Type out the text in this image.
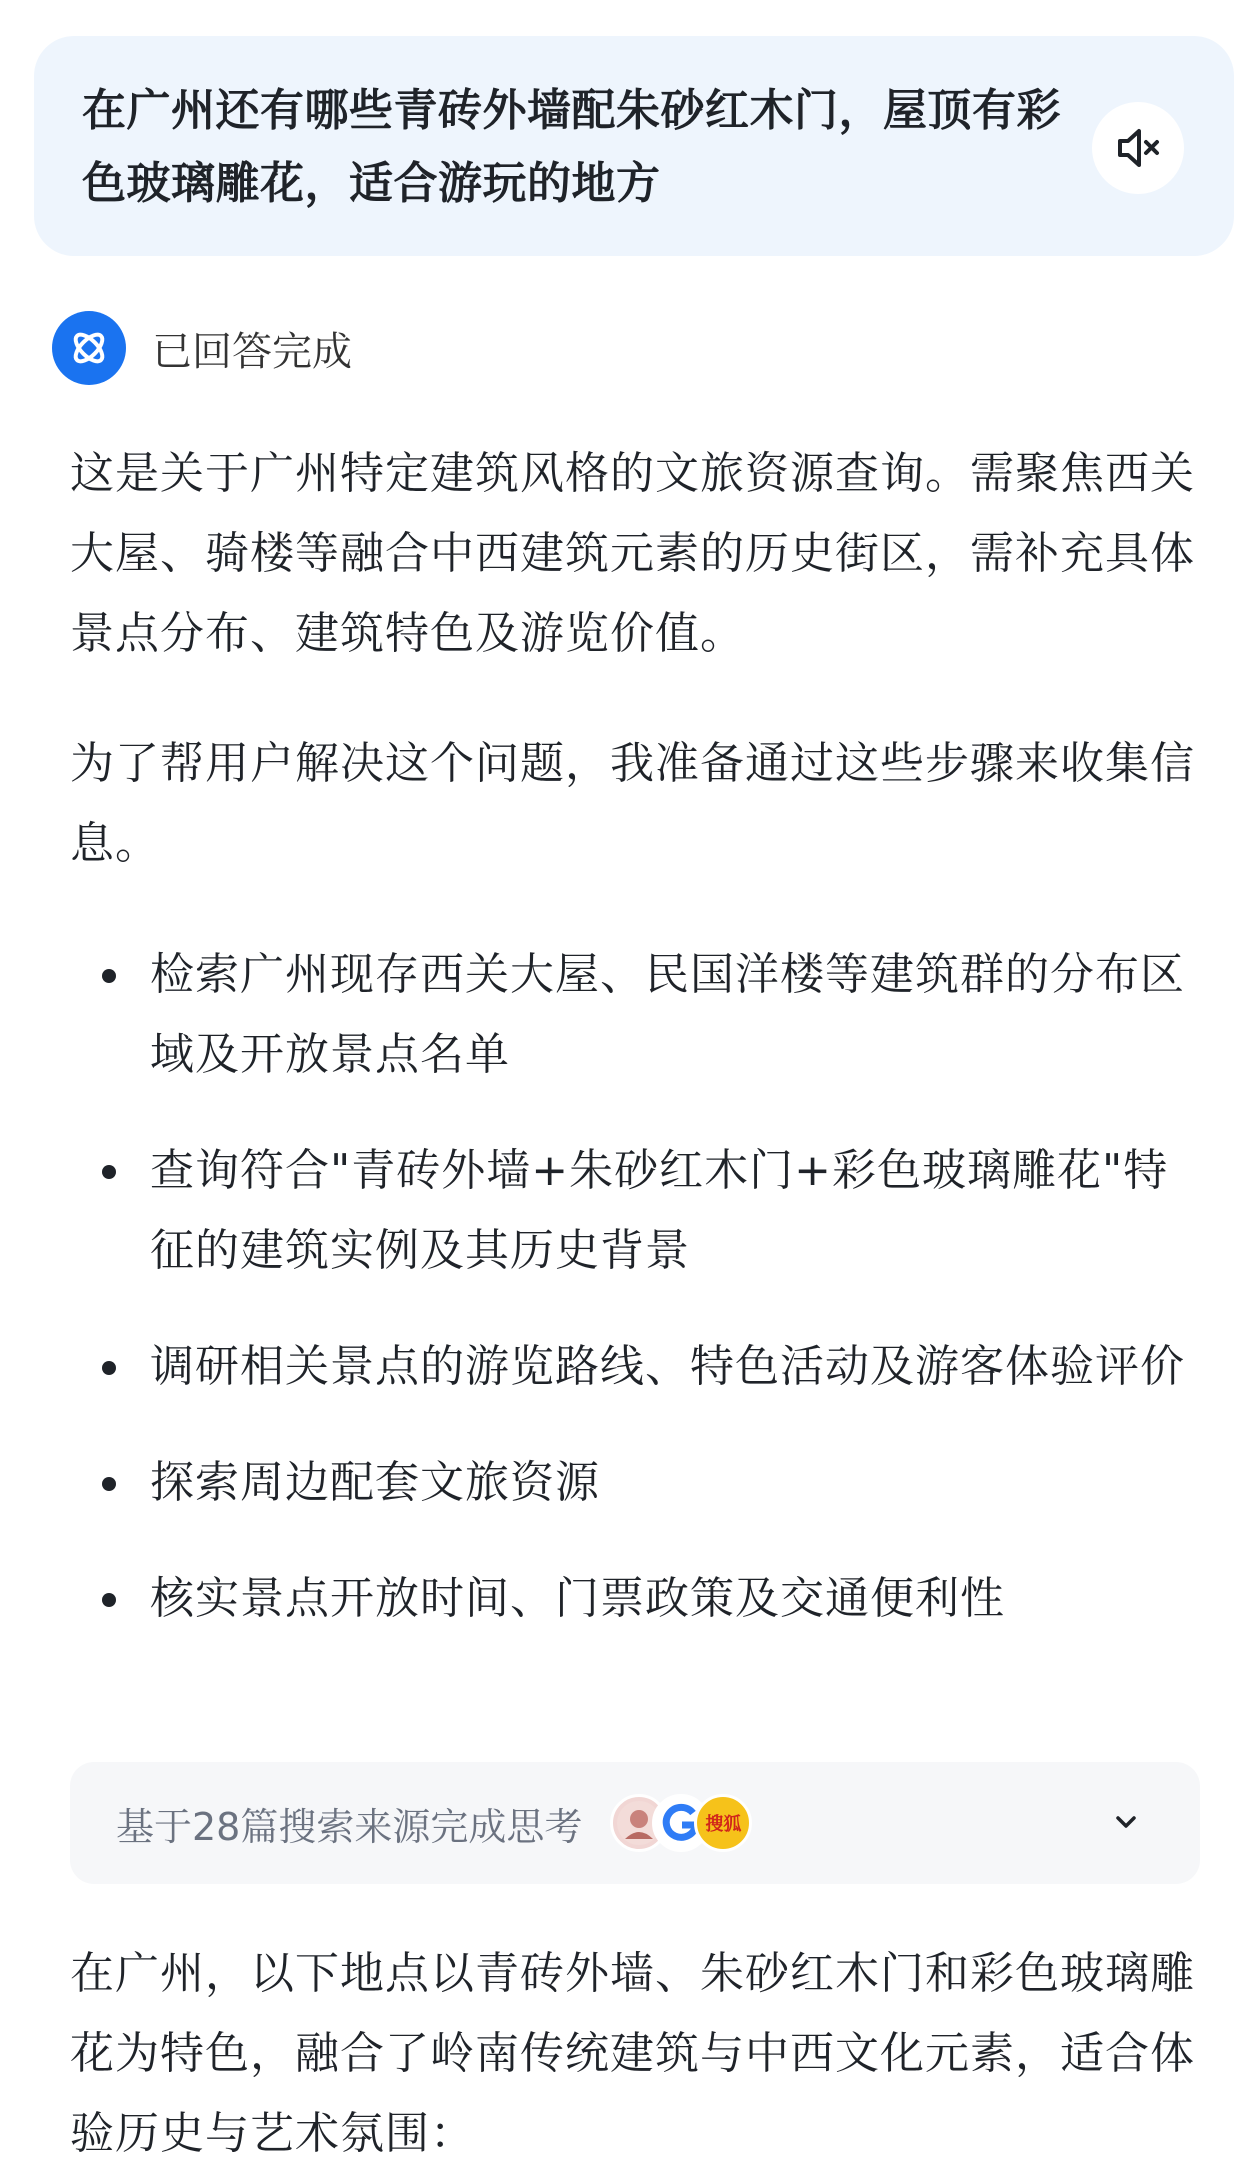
在广州还有哪些青砖外墙配朱砂红木门，屋顶有彩色玻璃雕花，适合游玩的地方
已回答完成
这是关于广州特定建筑风格的文旅资源查询。需聚焦西关大屋、骑楼等融合中西建筑元素的历史街区，需补充具体景点分布、建筑特色及游览价值。
为了帮用户解决这个问题，我准备通过这些步骤来收集信息。
检索广州现存西关大屋、民国洋楼等建筑群的分布区域及开放景点名单
查询符合"青砖外墙+朱砂红木门+彩色玻璃雕花"特征的建筑实例及其历史背景
调研相关景点的游览路线、特色活动及游客体验评价
探索周边配套文旅资源
核实景点开放时间、门票政策及交通便利性
基于28篇搜索来源完成思考	搜狐
在广州，以下地点以青砖外墙、朱砂红木门和彩色玻璃雕花为特色，融合了岭南传统建筑与中西文化元素，适合体验历史与艺术氛围：
